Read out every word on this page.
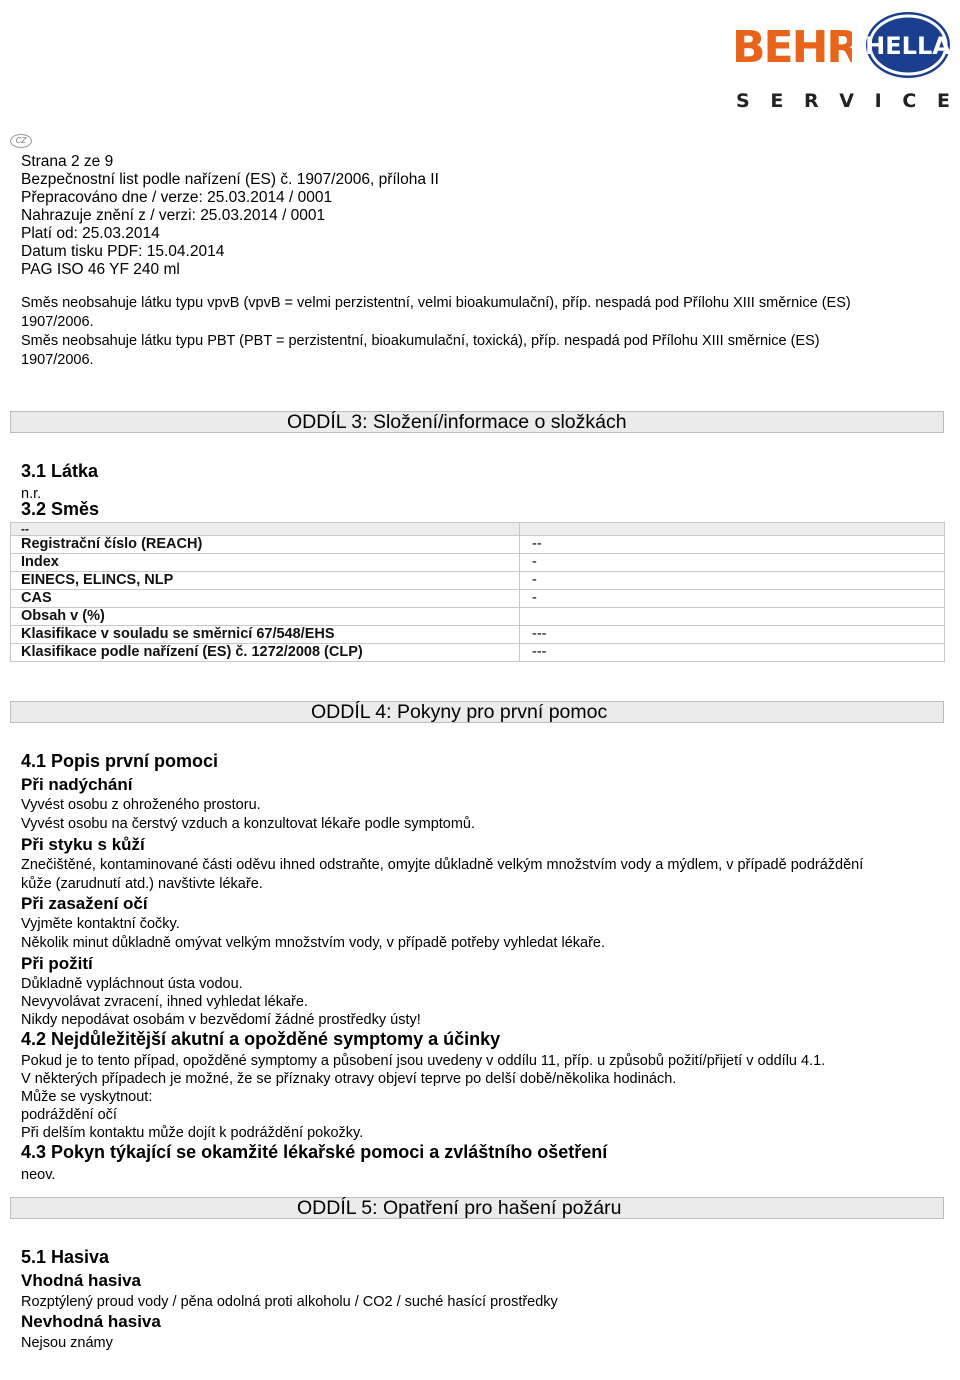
BEHR HELLA
S E R V I C E
CZ
Strana 2 ze 9
Bezpečnostní list podle nařízení (ES) č. 1907/2006, příloha II
Přepracováno dne / verze: 25.03.2014 / 0001
Nahrazuje znění z / verzi: 25.03.2014 / 0001
Platí od: 25.03.2014
Datum tisku PDF: 15.04.2014
PAG ISO 46 YF 240 ml
Směs neobsahuje látku typu vpvB (vpvB = velmi perzistentní, velmi bioakumulační), příp. nespadá pod Přílohu XIII směrnice (ES)
1907/2006.
Směs neobsahuje látku typu PBT (PBT = perzistentní, bioakumulační, toxická), příp. nespadá pod Přílohu XIII směrnice (ES)
1907/2006.
ODDÍL 3: Složení/informace o složkách
3.1 Látka
n.r.
3.2 Směs
--	
Registrační číslo (REACH)	--
Index	-
EINECS, ELINCS, NLP	-
CAS	-
Obsah v (%)	
Klasifikace v souladu se směrnicí 67/548/EHS	---
Klasifikace podle nařízení (ES) č. 1272/2008 (CLP)	---
ODDÍL 4: Pokyny pro první pomoc
4.1 Popis první pomoci
Při nadýchání
Vyvést osobu z ohroženého prostoru.
Vyvést osobu na čerstvý vzduch a konzultovat lékaře podle symptomů.
Při styku s kůží
Znečištěné, kontaminované části oděvu ihned odstraňte, omyjte důkladně velkým množstvím vody a mýdlem, v případě podráždění
kůže (zarudnutí atd.) navštivte lékaře.
Při zasažení očí
Vyjměte kontaktní čočky.
Několik minut důkladně omývat velkým množstvím vody, v případě potřeby vyhledat lékaře.
Při požití
Důkladně vypláchnout ústa vodou.
Nevyvolávat zvracení, ihned vyhledat lékaře.
Nikdy nepodávat osobám v bezvědomí žádné prostředky ústy!
4.2 Nejdůležitější akutní a opožděné symptomy a účinky
Pokud je to tento případ, opožděné symptomy a působení jsou uvedeny v oddílu 11, příp. u způsobů požití/přijetí v oddílu 4.1.
V některých případech je možné, že se příznaky otravy objeví teprve po delší době/několika hodinách.
Může se vyskytnout:
podráždění očí
Při delším kontaktu může dojít k podráždění pokožky.
4.3 Pokyn týkající se okamžité lékařské pomoci a zvláštního ošetření
neov.
ODDÍL 5: Opatření pro hašení požáru
5.1 Hasiva
Vhodná hasiva
Rozptýlený proud vody / pěna odolná proti alkoholu / CO2 / suché hasící prostředky
Nevhodná hasiva
Nejsou známy
